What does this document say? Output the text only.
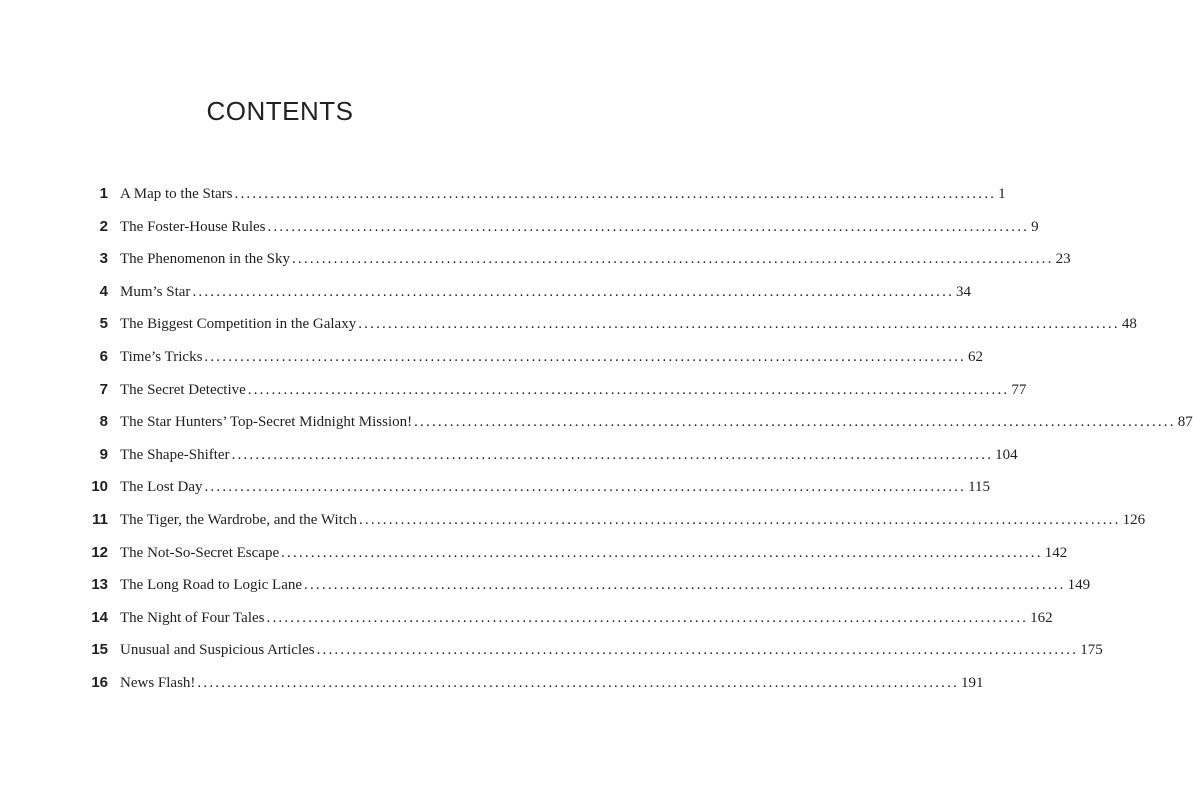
CONTENTS
1 A Map to the Stars ................................................................................................................................ 1
2 The Foster-House Rules ................................................................................................................................ 9
3 The Phenomenon in the Sky ................................................................................................................................ 23
4 Mum’s Star ................................................................................................................................ 34
5 The Biggest Competition in the Galaxy ................................................................................................................................ 48
6 Time’s Tricks ................................................................................................................................ 62
7 The Secret Detective ................................................................................................................................ 77
8 The Star Hunters’ Top-Secret Midnight Mission! ................................................................................................................................ 87
9 The Shape-Shifter ................................................................................................................................ 104
10 The Lost Day ................................................................................................................................ 115
11 The Tiger, the Wardrobe, and the Witch ................................................................................................................................ 126
12 The Not-So-Secret Escape ................................................................................................................................ 142
13 The Long Road to Logic Lane ................................................................................................................................ 149
14 The Night of Four Tales ................................................................................................................................ 162
15 Unusual and Suspicious Articles ................................................................................................................................ 175
16 News Flash! ................................................................................................................................ 191
